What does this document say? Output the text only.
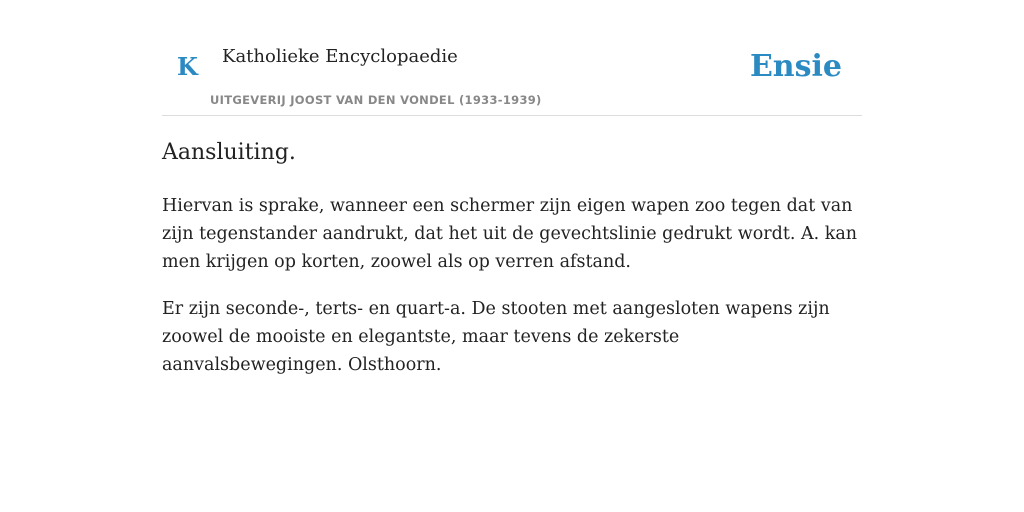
K Katholieke Encyclopaedie
UITGEVERIJ JOOST VAN DEN VONDEL (1933-1939)
Ensie
Aansluiting.

Hiervan is sprake, wanneer een schermer zijn eigen wapen zoo tegen dat van zijn tegenstander aandrukt, dat het uit de gevechtslinie gedrukt wordt. A. kan men krijgen op korten, zoowel als op verren afstand.

Er zijn seconde-, terts- en quart-a. De stooten met aangesloten wapens zijn zoowel de mooiste en elegantste, maar tevens de zekerste aanvalsbewegingen. Olsthoorn.
